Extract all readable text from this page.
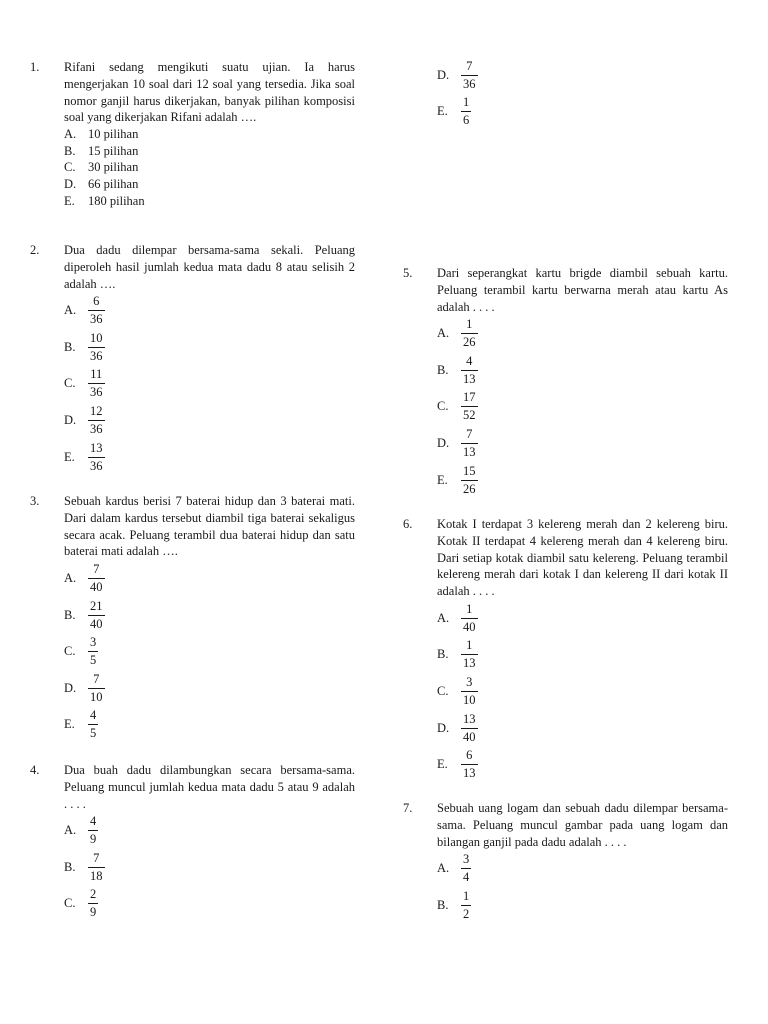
1. Rifani sedang mengikuti suatu ujian. Ia harus mengerjakan 10 soal dari 12 soal yang tersedia. Jika soal nomor ganjil harus dikerjakan, banyak pilihan komposisi soal yang dikerjakan Rifani adalah ….
A. 10 pilihan
B. 15 pilihan
C. 30 pilihan
D. 66 pilihan
E. 180 pilihan
2. Dua dadu dilempar bersama-sama sekali. Peluang diperoleh hasil jumlah kedua mata dadu 8 atau selisih 2 adalah ….
A. $\frac{6}{36}$
B.	$\frac{10}{36}$
C.	$\frac{11}{36}$
D. $\frac{12}{36}$
E.	$\frac{13}{36}$
3. Sebuah kardus berisi 7 baterai hidup dan 3 baterai mati. Dari dalam kardus tersebut diambil tiga baterai sekaligus secara acak. Peluang terambil dua baterai hidup dan satu baterai mati adalah ….
A. $\frac{7}{40}$
B.	$\frac{21}{40}$
C.	$\frac{3}{5}$
D. $\frac{7}{10}$
E.	$\frac{4}{5}$
4. Dua buah dadu dilambungkan secara bersama-sama. Peluang muncul jumlah kedua mata dadu 5 atau 9 adalah . . . .
A. $\frac{4}{9}$
B.	$\frac{7}{18}$
C.	$\frac{2}{9}$
D. $\frac{7}{36}$
E.	$\frac{1}{6}$
5. Dari seperangkat kartu brigde diambil sebuah kartu. Peluang terambil kartu berwarna merah atau kartu As adalah . . . .
A. $\frac{1}{26}$
B.	$\frac{4}{13}$
C.	$\frac{17}{52}$
D. $\frac{7}{13}$
E.	$\frac{15}{26}$
6. Kotak I terdapat 3 kelereng merah dan 2 kelereng biru. Kotak II terdapat 4 kelereng merah dan 4 kelereng biru. Dari setiap kotak diambil satu kelereng. Peluang terambil kelereng merah dari kotak I dan kelereng II dari kotak II adalah . . . .
A. $\frac{1}{40}$
B.	$\frac{1}{13}$
C.	$\frac{3}{10}$
D. $\frac{13}{40}$
E.	$\frac{6}{13}$
7. Sebuah uang logam dan sebuah dadu dilempar bersama-sama. Peluang muncul gambar pada uang logam dan bilangan ganjil pada dadu adalah . . . .
A. $\frac{3}{4}$
B.	$\frac{1}{2}$
